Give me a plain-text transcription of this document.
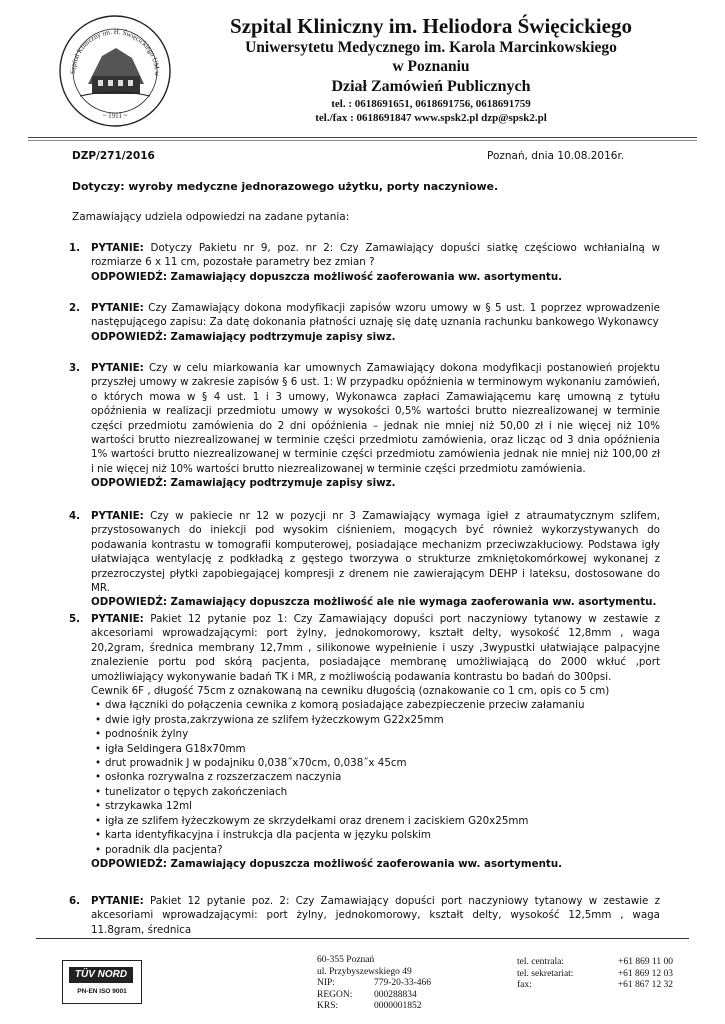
Szpital Kliniczny im. H. Święcickiego UM w
~ 1911 ~
Szpital Kliniczny im. Heliodora Święcickiego
Uniwersytetu Medycznego im. Karola Marcinkowskiego
w Poznaniu
Dział Zamówień Publicznych
tel. : 0618691651, 0618691756, 0618691759
tel./fax : 0618691847 www.spsk2.pl dzp@spsk2.pl
DZP/271/2016	Poznań, dnia 10.08.2016r.
Dotyczy: wyroby medyczne jednorazowego użytku, porty naczyniowe.
Zamawiający udziela odpowiedzi na zadane pytania:
1. PYTANIE: Dotyczy Pakietu nr 9, poz. nr 2: Czy Zamawiający dopuści siatkę częściowo wchłanialną w rozmiarze 6 x 11 cm, pozostałe parametry bez zmian ?
ODPOWIEDŹ: Zamawiający dopuszcza możliwość zaoferowania ww. asortymentu.
2. PYTANIE: Czy Zamawiający dokona modyfikacji zapisów wzoru umowy w § 5 ust. 1 poprzez wprowadzenie następującego zapisu: Za datę dokonania płatności uznaję się datę uznania rachunku bankowego Wykonawcy
ODPOWIEDŹ: Zamawiający podtrzymuje zapisy siwz.
3. PYTANIE: Czy w celu miarkowania kar umownych Zamawiający dokona modyfikacji postanowień projektu przyszłej umowy w zakresie zapisów § 6 ust. 1: W przypadku opóźnienia w terminowym wykonaniu zamówień, o których mowa w § 4 ust. 1 i 3 umowy, Wykonawca zapłaci Zamawiającemu karę umowną z tytułu opóźnienia w realizacji przedmiotu umowy w wysokości 0,5% wartości brutto niezrealizowanej w terminie części przedmiotu zamówienia do 2 dni opóźnienia – jednak nie mniej niż 50,00 zł i nie więcej niż 10% wartości brutto niezrealizowanej w terminie części przedmiotu zamówienia, oraz licząc od 3 dnia opóźnienia 1% wartości brutto niezrealizowanej w terminie części przedmiotu zamówienia jednak nie mniej niż 100,00 zł i nie więcej niż 10% wartości brutto niezrealizowanej w terminie części przedmiotu zamówienia.
ODPOWIEDŹ: Zamawiający podtrzymuje zapisy siwz.
4. PYTANIE: Czy w pakiecie nr 12 w pozycji nr 3 Zamawiający wymaga igieł z atraumatycznym szlifem, przystosowanych do iniekcji pod wysokim ciśnieniem, mogących być również wykorzystywanych do podawania kontrastu w tomografii komputerowej, posiadające mechanizm przeciwzakłuciowy. Podstawa igły ułatwiająca wentylację z podkładką z gęstego tworzywa o strukturze zmkniętokomórkowej wykonanej z przezroczystej płytki zapobiegającej kompresji z drenem nie zawierającym DEHP i lateksu, dostosowane do MR.
ODPOWIEDŹ: Zamawiający dopuszcza możliwość ale nie wymaga zaoferowania ww. asortymentu.
5. PYTANIE: Pakiet 12 pytanie poz 1: Czy Zamawiający dopuści port naczyniowy tytanowy w zestawie z akcesoriami wprowadzającymi: port żylny, jednokomorowy, kształt delty, wysokość 12,8mm , waga 20,2gram, średnica membrany 12,7mm , silikonowe wypełnienie i uszy ,3wypustki ułatwiające palpacyjne znalezienie portu pod skórą pacjenta, posiadające membranę umożliwiającą do 2000 wkłuć ,port umożliwiający wykonywanie badań TK i MR, z możliwością podawania kontrastu bo badań do 300psi.
Cewnik 6F , długość 75cm z oznakowaną na cewniku długością (oznakowanie co 1 cm, opis co 5 cm)
• dwa łączniki do połączenia cewnika z komorą posiadające zabezpieczenie przeciw załamaniu
• dwie igły prosta,zakrzywiona ze szlifem łyżeczkowym G22x25mm
• podnośnik żylny
• igła Seldingera G18x70mm
• drut prowadnik J w podajniku 0,038˝x70cm, 0,038˝x 45cm
• osłonka rozrywalna z rozszerzaczem naczynia
• tunelizator o tępych zakończeniach
• strzykawka 12ml
• igła ze szlifem łyżeczkowym ze skrzydełkami oraz drenem i zaciskiem G20x25mm
• karta identyfikacyjna i instrukcja dla pacjenta w języku polskim
• poradnik dla pacjenta?
ODPOWIEDŹ: Zamawiający dopuszcza możliwość zaoferowania ww. asortymentu.
6. PYTANIE: Pakiet 12 pytanie poz. 2: Czy Zamawiający dopuści port naczyniowy tytanowy w zestawie z akcesoriami wprowadzającymi: port żylny, jednokomorowy, kształt delty, wysokość 12,5mm , waga 11.8gram, średnica
TÜV NORD
PN-EN ISO 9001
60-355 Poznań
ul. Przybyszewskiego 49
NIP:	779-20-33-466
REGON:	000288834
KRS:	0000001852
tel. centrala:	+61 869 11 00
tel. sekretariat:	+61 869 12 03
fax:	+61 867 12 32
